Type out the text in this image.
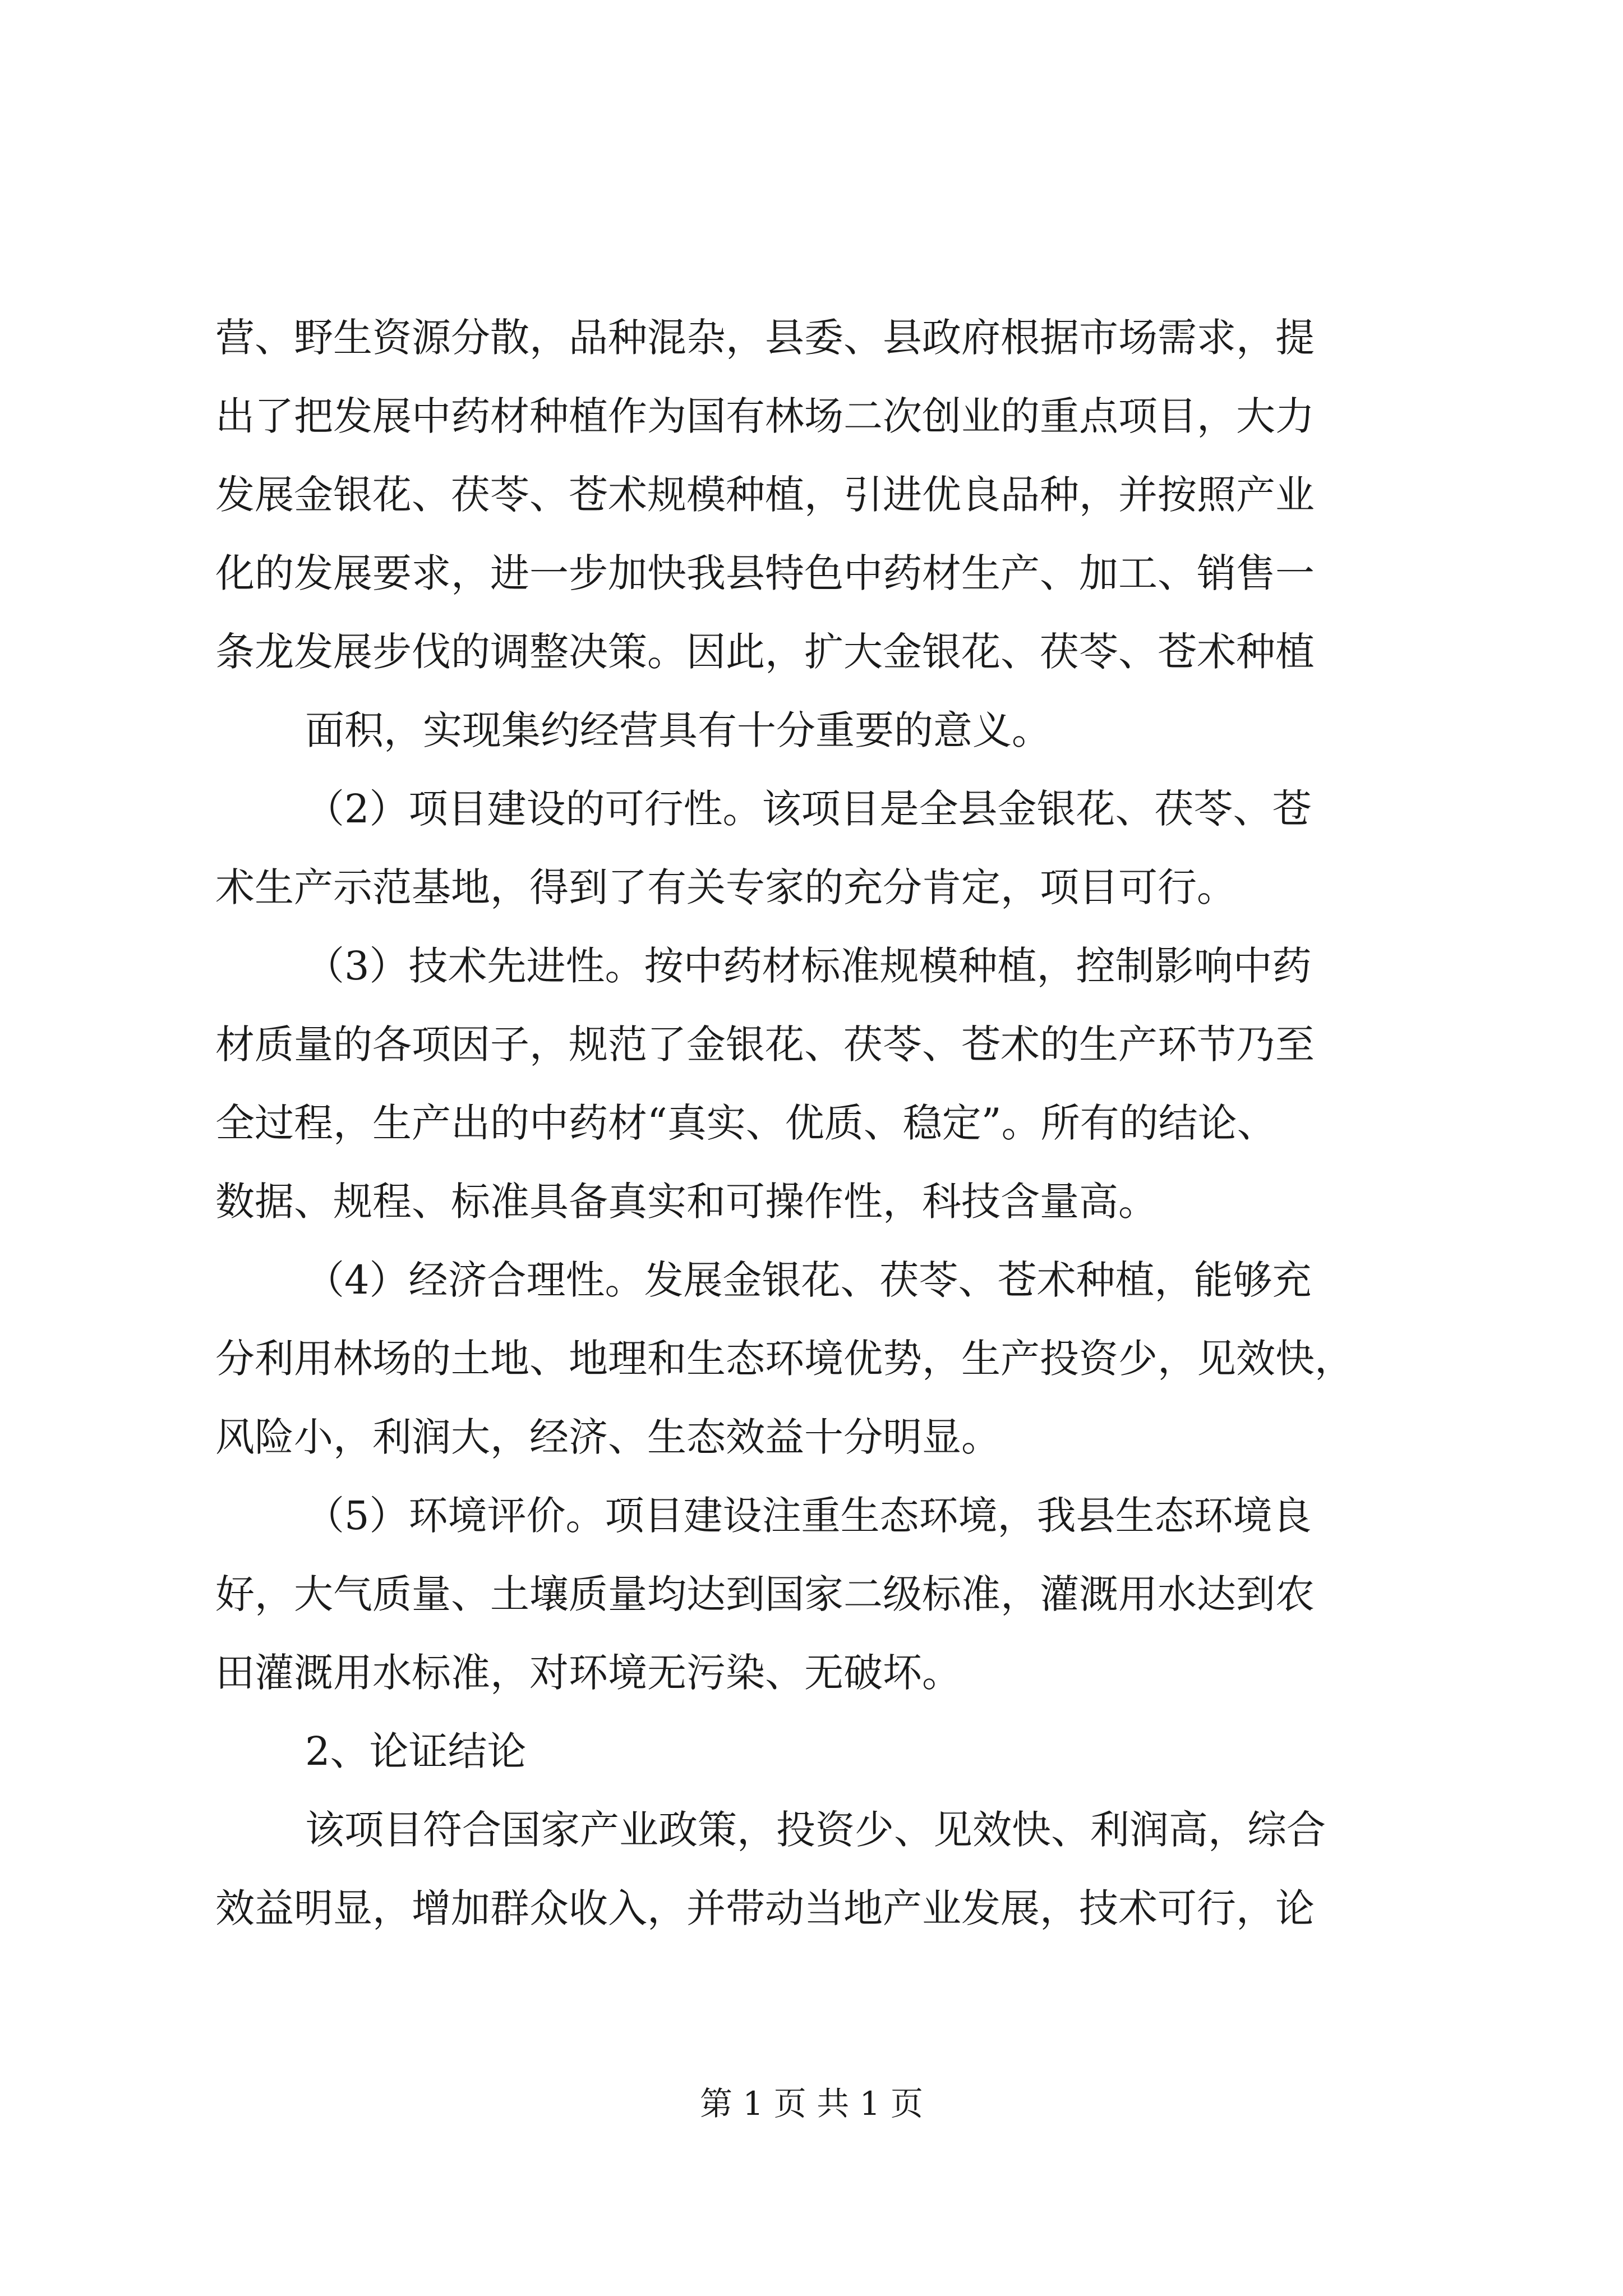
营、野生资源分散，品种混杂，县委、县政府根据市场需求，提
出了把发展中药材种植作为国有林场二次创业的重点项目，大力
发展金银花、茯苓、苍术规模种植，引进优良品种，并按照产业
化的发展要求，进一步加快我县特色中药材生产、加工、销售一
条龙发展步伐的调整决策。因此，扩大金银花、茯苓、苍术种植
面积，实现集约经营具有十分重要的意义。
（2）项目建设的可行性。该项目是全县金银花、茯苓、苍
术生产示范基地，得到了有关专家的充分肯定，项目可行。
（3）技术先进性。按中药材标准规模种植，控制影响中药
材质量的各项因子，规范了金银花、茯苓、苍术的生产环节乃至
全过程，生产出的中药材“真实、优质、稳定”。所有的结论、
数据、规程、标准具备真实和可操作性，科技含量高。
（4）经济合理性。发展金银花、茯苓、苍术种植，能够充
分利用林场的土地、地理和生态环境优势，生产投资少，见效快，
风险小，利润大，经济、生态效益十分明显。
（5）环境评价。项目建设注重生态环境，我县生态环境良
好，大气质量、土壤质量均达到国家二级标准，灌溉用水达到农
田灌溉用水标准，对环境无污染、无破坏。
2、论证结论
该项目符合国家产业政策，投资少、见效快、利润高，综合
效益明显，增加群众收入，并带动当地产业发展，技术可行，论
第 1 页 共 1 页
